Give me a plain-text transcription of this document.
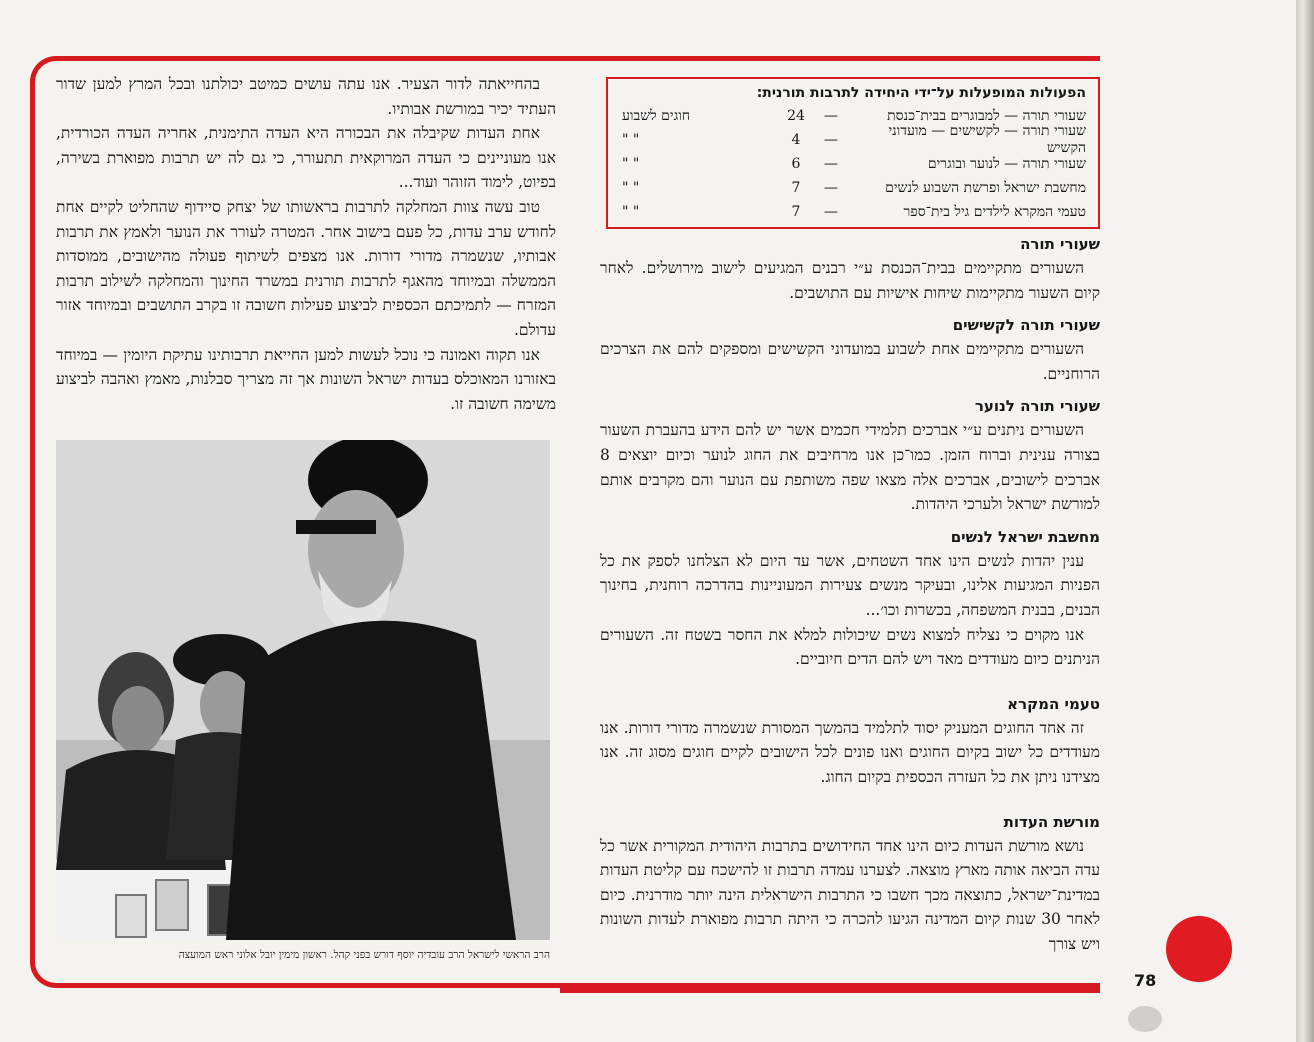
בהחייאתה לדור הצעיר. אנו עתה עושים כמיטב יכולתנו ובכל המרץ למען שדור העתיד יכיר במורשת אבותיו.

אחת העדות שקיבלה את הבכורה היא העדה התימנית, אחריה העדה הכורדית, אנו מעוניינים כי העדה המרוקאית תתעורר, כי גם לה יש תרבות מפוארת בשירה, בפיוט, לימוד הזוהר ועוד...

טוב עשה צוות המחלקה לתרבות בראשותו של יצחק סיידוף שהחליט לקיים אחת לחודש ערב עדות, כל פעם בישוב אחר. המטרה לעורר את הנוער ולאמץ את תרבות אבותיו, שנשמרה מדורי דורות. אנו מצפים לשיתוף פעולה מהישובים, ממוסדות הממשלה ובמיוחד מהאגף לתרבות תורנית במשרד החינוך והמחלקה לשילוב תרבות המזרח — לתמיכתם הכספית לביצוע פעילות חשובה זו בקרב התושבים ובמיוחד אזור עדולם.

אנו תקוה ואמונה כי נוכל לעשות למען החייאת תרבותינו עתיקת היומין — במיוחד באזורנו המאוכלס בעדות ישראל השונות אך זה מצריך סבלנות, מאמץ ואהבה לביצוע משימה חשובה זו.

הפעולות המופעלות על־ידי היחידה לתרבות תורנית:
שעורי תורה — למבוגרים בבית־כנסת
—
24
חוגים לשבוע
שעורי תורה — לקשישים — מועדוני הקשיש
—
4
" "
שעורי תורה — לנוער ובוגרים
—
6
" "
מחשבת ישראל ופרשת השבוע לנשים
—
7
" "
טעמי המקרא לילדים גיל בית־ספר
—
7
" "
שעורי תורה

השעורים מתקיימים בבית־הכנסת ע״י רבנים המגיעים לישוב מירושלים. לאחר קיום השעור מתקיימות שיחות אישיות עם התושבים.

שעורי תורה לקשישים

השעורים מתקיימים אחת לשבוע במועדוני הקשישים ומספקים להם את הצרכים הרוחניים.

שעורי תורה לנוער

השעורים ניתנים ע״י אברכים תלמידי חכמים אשר יש להם הידע בהעברת השעור בצורה ענינית וברוח הזמן. כמו־כן אנו מרחיבים את החוג לנוער וכיום יוצאים 8 אברכים לישובים, אברכים אלה מצאו שפה משותפת עם הנוער והם מקרבים אותם למורשת ישראל ולערכי היהדות.

מחשבת ישראל לנשים

ענין יהדות לנשים הינו אחד השטחים, אשר עד היום לא הצלחנו לספק את כל הפניות המגיעות אלינו, ובעיקר מנשים צעירות המעוניינות בהדרכה רוחנית, בחינוך הבנים, בבנית המשפחה, בכשרות וכו׳...

אנו מקוים כי נצליח למצוא נשים שיכולות למלא את החסר בשטח זה. השעורים הניתנים כיום מעודדים מאד ויש להם הדים חיוביים.

טעמי המקרא

זה אחד החוגים המעניק יסוד לתלמיד בהמשך המסורת שנשמרה מדורי דורות. אנו מעודדים כל ישוב בקיום החוגים ואנו פונים לכל הישובים לקיים חוגים מסוג זה. אנו מצידנו ניתן את כל העזרה הכספית בקיום החוג.

מורשת העדות

נושא מורשת העדות כיום הינו אחד החידושים בתרבות היהודית המקורית אשר כל עדה הביאה אותה מארץ מוצאה. לצערנו עמדה תרבות זו להישכח עם קליטת העדות במדינת־ישראל, כתוצאה מכך חשבו כי התרבות הישראלית הינה יותר מודרנית. כיום לאחר 30 שנות קיום המדינה הגיעו להכרה כי היתה תרבות מפוארת לעדות השונות ויש צורך

הרב הראשי לישראל הרב עובדיה יוסף דורש בפני קהל. ראשון מימין יובל אלוני ראש המועצה
78
